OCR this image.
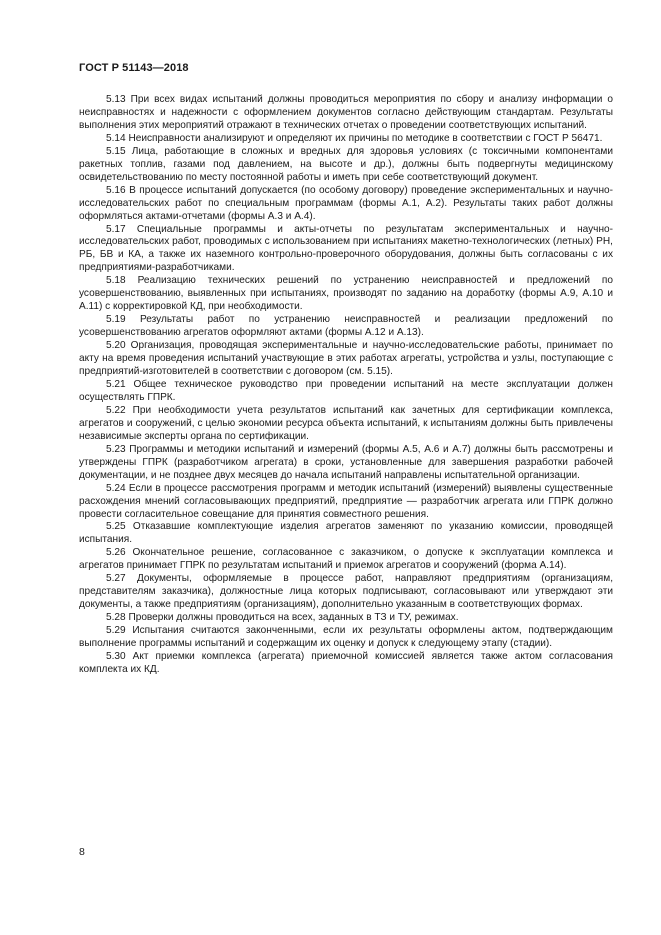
ГОСТ Р 51143—2018

5.13 При всех видах испытаний должны проводиться мероприятия по сбору и анализу информации о неисправностях и надежности с оформлением документов согласно действующим стандартам. Результаты выполнения этих мероприятий отражают в технических отчетах о проведении соответствующих испытаний.

5.14 Неисправности анализируют и определяют их причины по методике в соответствии с ГОСТ Р 56471.

5.15 Лица, работающие в сложных и вредных для здоровья условиях (с токсичными компонентами ракетных топлив, газами под давлением, на высоте и др.), должны быть подвергнуты медицинскому освидетельствованию по месту постоянной работы и иметь при себе соответствующий документ.

5.16 В процессе испытаний допускается (по особому договору) проведение экспериментальных и научно-исследовательских работ по специальным программам (формы А.1, А.2). Результаты таких работ должны оформляться актами-отчетами (формы А.3 и А.4).

5.17 Специальные программы и акты-отчеты по результатам экспериментальных и научно-исследовательских работ, проводимых с использованием при испытаниях макетно-технологических (летных) РН, РБ, БВ и КА, а также их наземного контрольно-проверочного оборудования, должны быть согласованы с их предприятиями-разработчиками.

5.18 Реализацию технических решений по устранению неисправностей и предложений по усовершенствованию, выявленных при испытаниях, производят по заданию на доработку (формы А.9, А.10 и А.11) с корректировкой КД, при необходимости.

5.19 Результаты работ по устранению неисправностей и реализации предложений по усовершенствованию агрегатов оформляют актами (формы А.12 и А.13).

5.20 Организация, проводящая экспериментальные и научно-исследовательские работы, принимает по акту на время проведения испытаний участвующие в этих работах агрегаты, устройства и узлы, поступающие с предприятий-изготовителей в соответствии с договором (см. 5.15).

5.21 Общее техническое руководство при проведении испытаний на месте эксплуатации должен осуществлять ГПРК.

5.22 При необходимости учета результатов испытаний как зачетных для сертификации комплекса, агрегатов и сооружений, с целью экономии ресурса объекта испытаний, к испытаниям должны быть привлечены независимые эксперты органа по сертификации.

5.23 Программы и методики испытаний и измерений (формы А.5, А.6 и А.7) должны быть рассмотрены и утверждены ГПРК (разработчиком агрегата) в сроки, установленные для завершения разработки рабочей документации, и не позднее двух месяцев до начала испытаний направлены испытательной организации.

5.24 Если в процессе рассмотрения программ и методик испытаний (измерений) выявлены существенные расхождения мнений согласовывающих предприятий, предприятие — разработчик агрегата или ГПРК должно провести согласительное совещание для принятия совместного решения.

5.25 Отказавшие комплектующие изделия агрегатов заменяют по указанию комиссии, проводящей испытания.

5.26 Окончательное решение, согласованное с заказчиком, о допуске к эксплуатации комплекса и агрегатов принимает ГПРК по результатам испытаний и приемок агрегатов и сооружений (форма А.14).

5.27 Документы, оформляемые в процессе работ, направляют предприятиям (организациям, представителям заказчика), должностные лица которых подписывают, согласовывают или утверждают эти документы, а также предприятиям (организациям), дополнительно указанным в соответствующих формах.

5.28 Проверки должны проводиться на всех, заданных в ТЗ и ТУ, режимах.

5.29 Испытания считаются законченными, если их результаты оформлены актом, подтверждающим выполнение программы испытаний и содержащим их оценку и допуск к следующему этапу (стадии).

5.30 Акт приемки комплекса (агрегата) приемочной комиссией является также актом согласования комплекта их КД.

8
